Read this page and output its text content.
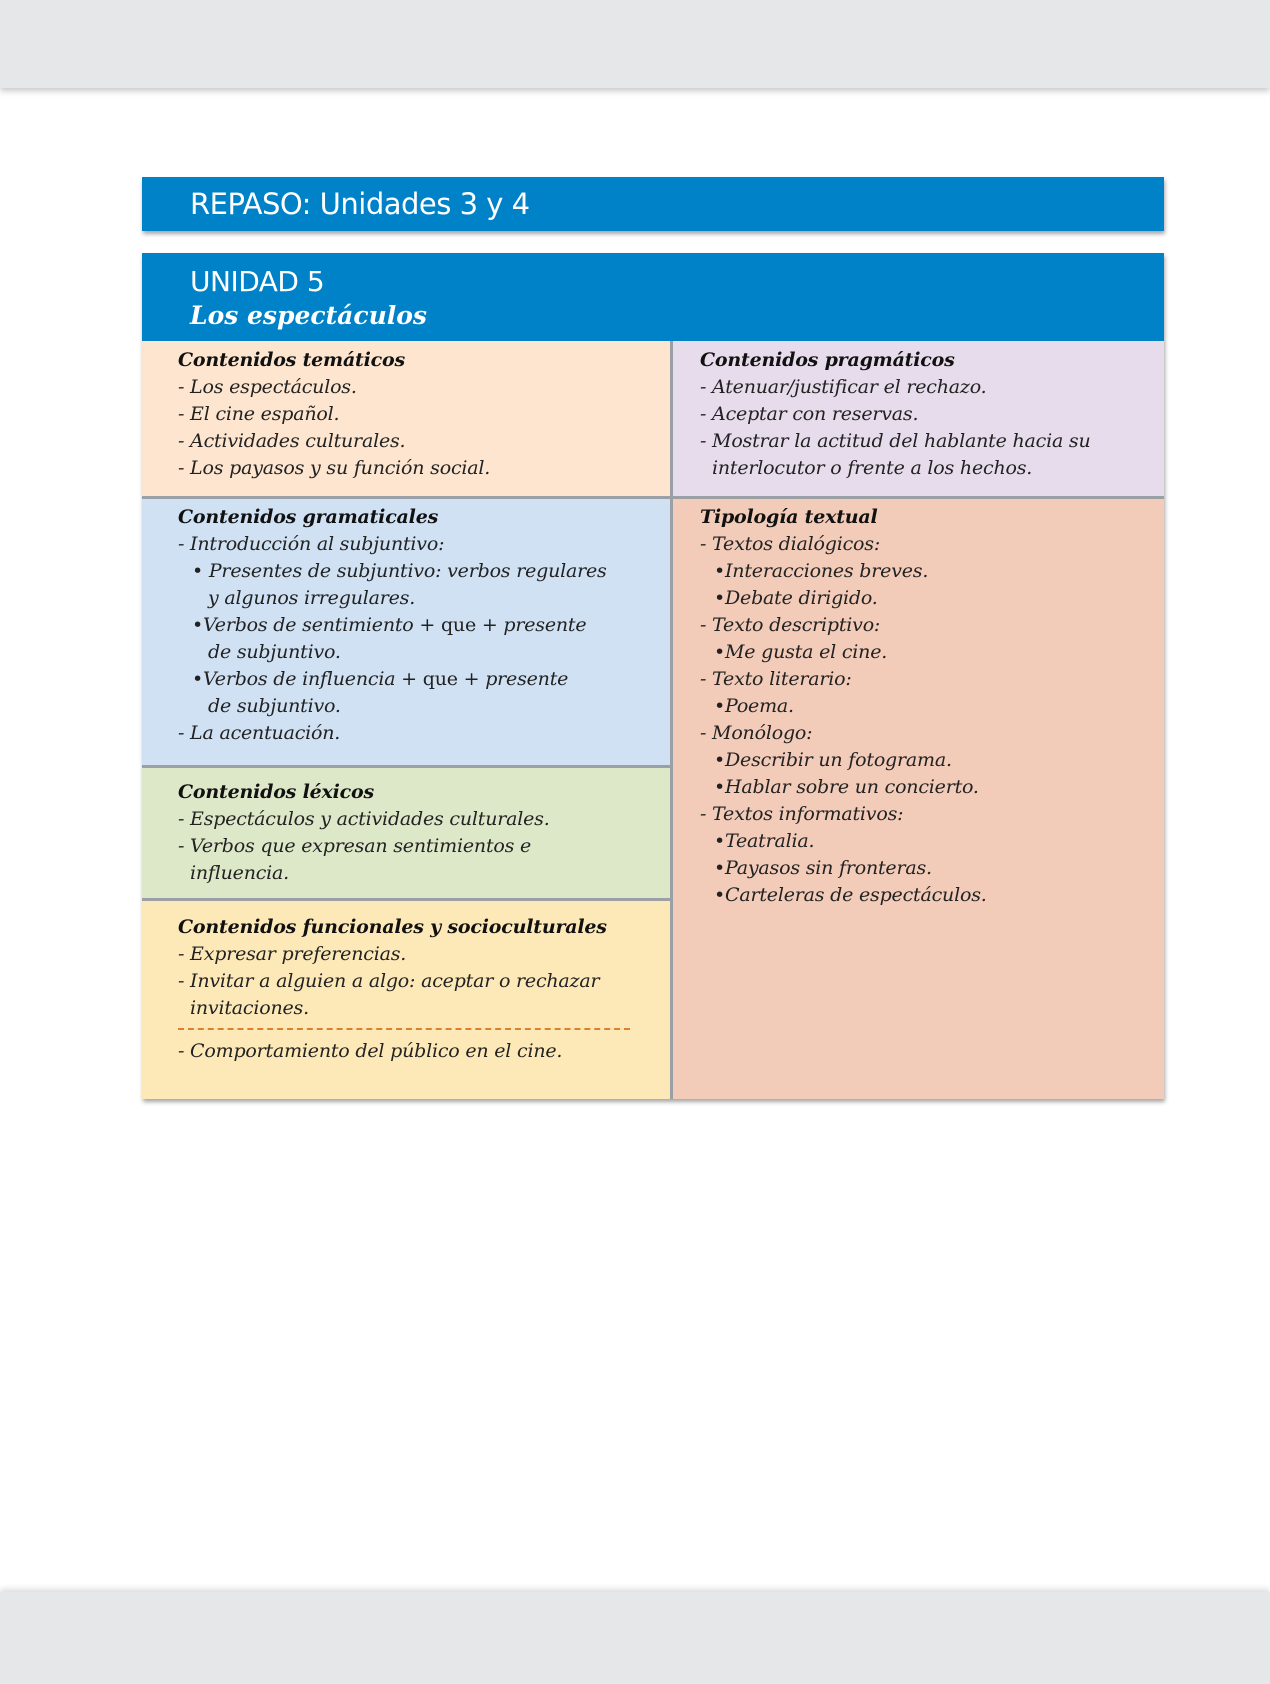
REPASO: Unidades 3 y 4
UNIDAD 5
Los espectáculos
Contenidos temáticos
- Los espectáculos.
- El cine español.
- Actividades culturales.
- Los payasos y su función social.
Contenidos pragmáticos
- Atenuar/justificar el rechazo.
- Aceptar con reservas.
- Mostrar la actitud del hablante hacia su
interlocutor o frente a los hechos.
Contenidos gramaticales
- Introducción al subjuntivo:
• Presentes de subjuntivo: verbos regulares
y algunos irregulares.
•Verbos de sentimiento + que + presente
de subjuntivo.
•Verbos de influencia + que + presente
de subjuntivo.
- La acentuación.
Contenidos léxicos
- Espectáculos y actividades culturales.
- Verbos que expresan sentimientos e
influencia.
Contenidos funcionales y socioculturales
- Expresar preferencias.
- Invitar a alguien a algo: aceptar o rechazar
invitaciones.
- Comportamiento del público en el cine.
Tipología textual
- Textos dialógicos:
•Interacciones breves.
•Debate dirigido.
- Texto descriptivo:
•Me gusta el cine.
- Texto literario:
•Poema.
- Monólogo:
•Describir un fotograma.
•Hablar sobre un concierto.
- Textos informativos:
•Teatralia.
•Payasos sin fronteras.
•Carteleras de espectáculos.
